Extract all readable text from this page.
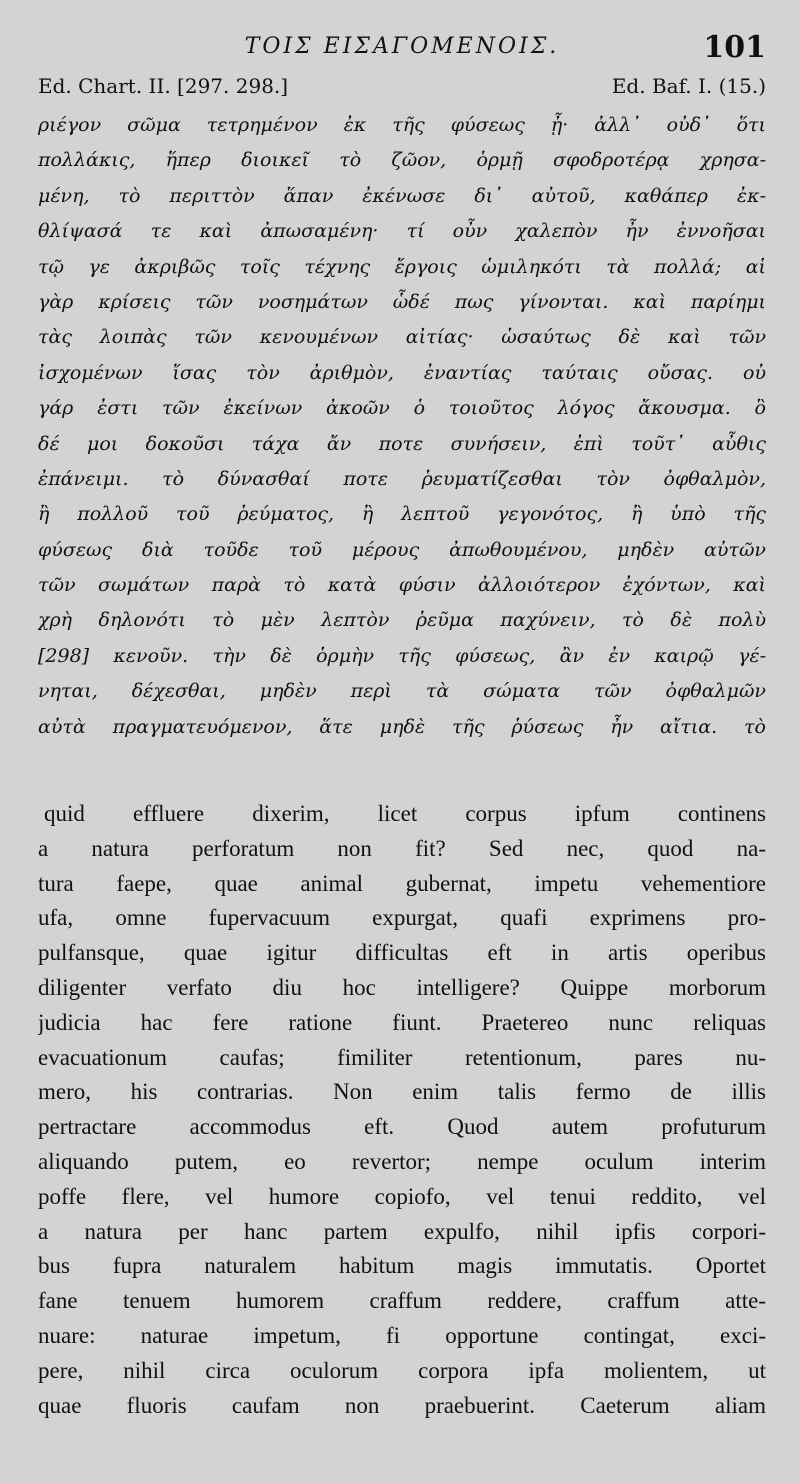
ΤΟΙΣ ΕΙΣΑΓΟΜΕΝΟΙΣ.	101
Ed. Chart. II. [297. 298.]	Ed. Baf. I. (15.)
ριέγον σῶμα τετρημένον ἐκ τῆς φύσεως ᾖ· ἀλλ᾽ οὐδ᾽ ὅτι
πολλάκις, ἥπερ διοικεῖ τὸ ζῶον, ὁρμῇ σφοδροτέρᾳ χρησα-
μένη, τὸ περιττὸν ἅπαν ἐκένωσε δι᾽ αὐτοῦ, καθάπερ ἐκ-
θλίψασά τε καὶ ἀπωσαμένη· τί οὖν χαλεπὸν ἦν ἐννοῆσαι
τῷ γε ἀκριβῶς τοῖς τέχνης ἔργοις ὡμιληκότι τὰ πολλά; αἱ
γὰρ κρίσεις τῶν νοσημάτων ὧδέ πως γίνονται. καὶ παρίημι
τὰς λοιπὰς τῶν κενουμένων αἰτίας· ὡσαύτως δὲ καὶ τῶν
ἰσχομένων ἴσας τὸν ἀριθμὸν, ἐναντίας ταύταις οὔσας. οὐ
γάρ ἐστι τῶν ἐκείνων ἀκοῶν ὁ τοιοῦτος λόγος ἄκουσμα. ὃ
δέ μοι δοκοῦσι τάχα ἄν ποτε συνήσειν, ἐπὶ τοῦτ᾽ αὖθις
ἐπάνειμι. τὸ δύνασθαί ποτε ῥευματίζεσθαι τὸν ὀφθαλμὸν,
ἢ πολλοῦ τοῦ ῥεύματος, ἢ λεπτοῦ γεγονότος, ἢ ὑπὸ τῆς
φύσεως διὰ τοῦδε τοῦ μέρους ἀπωθουμένου, μηδὲν αὐτῶν
τῶν σωμάτων παρὰ τὸ κατὰ φύσιν ἀλλοιότερον ἐχόντων, καὶ
χρὴ δηλονότι τὸ μὲν λεπτὸν ῥεῦμα παχύνειν, τὸ δὲ πολὺ
[298] κενοῦν. τὴν δὲ ὁρμὴν τῆς φύσεως, ἂν ἐν καιρῷ γέ-
νηται, δέχεσθαι, μηδὲν περὶ τὰ σώματα τῶν ὀφθαλμῶν
αὐτὰ πραγματευόμενον, ἅτε μηδὲ τῆς ῥύσεως ἦν αἴτια. τὸ
quid effluere dixerim, licet corpus ipfum continens
a natura perforatum non fit? Sed nec, quod na-
tura faepe, quae animal gubernat, impetu vehementiore
ufa, omne fupervacuum expurgat, quafi exprimens pro-
pulfansque, quae igitur difficultas eft in artis operibus
diligenter verfato diu hoc intelligere? Quippe morborum
judicia hac fere ratione fiunt. Praetereo nunc reliquas
evacuationum caufas; fimiliter retentionum, pares nu-
mero, his contrarias. Non enim talis fermo de illis
pertractare accommodus eft. Quod autem profuturum
aliquando putem, eo revertor; nempe oculum interim
poffe flere, vel humore copiofo, vel tenui reddito, vel
a natura per hanc partem expulfo, nihil ipfis corpori-
bus fupra naturalem habitum magis immutatis. Oportet
fane tenuem humorem craffum reddere, craffum atte-
nuare: naturae impetum, fi opportune contingat, exci-
pere, nihil circa oculorum corpora ipfa molientem, ut
quae fluoris caufam non praebuerint. Caeterum aliam
